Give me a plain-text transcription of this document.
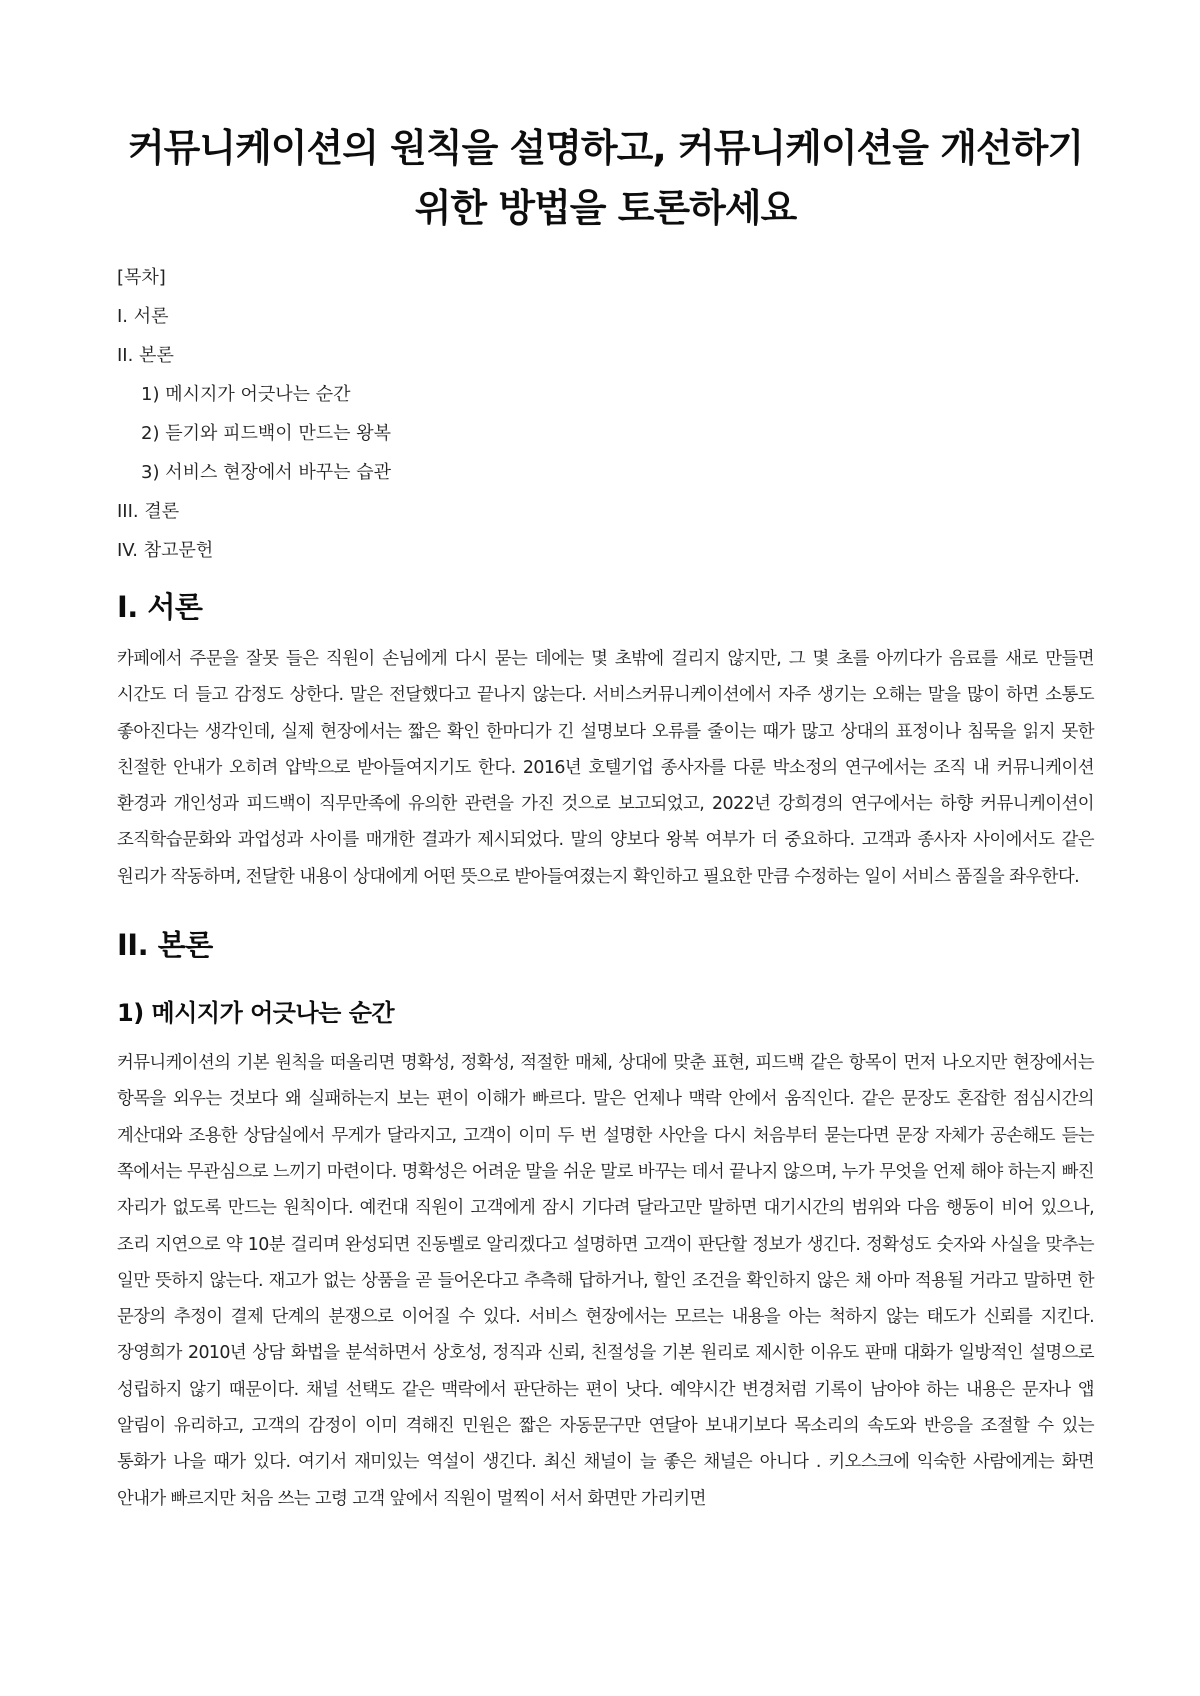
커뮤니케이션의 원칙을 설명하고, 커뮤니케이션을 개선하기 위한 방법을 토론하세요
[목차]
I. 서론
II. 본론
1) 메시지가 어긋나는 순간
2) 듣기와 피드백이 만드는 왕복
3) 서비스 현장에서 바꾸는 습관
III. 결론
IV. 참고문헌
I. 서론

카페에서 주문을 잘못 들은 직원이 손님에게 다시 묻는 데에는 몇 초밖에 걸리지 않지만, 그 몇 초를 아끼다가 음료를 새로 만들면 시간도 더 들고 감정도 상한다. 말은 전달했다고 끝나지 않는다. 서비스커뮤니케이션에서 자주 생기는 오해는 말을 많이 하면 소통도 좋아진다는 생각인데, 실제 현장에서는 짧은 확인 한마디가 긴 설명보다 오류를 줄이는 때가 많고 상대의 표정이나 침묵을 읽지 못한 친절한 안내가 오히려 압박으로 받아들여지기도 한다. 2016년 호텔기업 종사자를 다룬 박소정의 연구에서는 조직 내 커뮤니케이션 환경과 개인성과 피드백이 직무만족에 유의한 관련을 가진 것으로 보고되었고, 2022년 강희경의 연구에서는 하향 커뮤니케이션이 조직학습문화와 과업성과 사이를 매개한 결과가 제시되었다. 말의 양보다 왕복 여부가 더 중요하다. 고객과 종사자 사이에서도 같은 원리가 작동하며, 전달한 내용이 상대에게 어떤 뜻으로 받아들여졌는지 확인하고 필요한 만큼 수정하는 일이 서비스 품질을 좌우한다.

II. 본론
1) 메시지가 어긋나는 순간

커뮤니케이션의 기본 원칙을 떠올리면 명확성, 정확성, 적절한 매체, 상대에 맞춘 표현, 피드백 같은 항목이 먼저 나오지만 현장에서는 항목을 외우는 것보다 왜 실패하는지 보는 편이 이해가 빠르다. 말은 언제나 맥락 안에서 움직인다. 같은 문장도 혼잡한 점심시간의 계산대와 조용한 상담실에서 무게가 달라지고, 고객이 이미 두 번 설명한 사안을 다시 처음부터 묻는다면 문장 자체가 공손해도 듣는 쪽에서는 무관심으로 느끼기 마련이다. 명확성은 어려운 말을 쉬운 말로 바꾸는 데서 끝나지 않으며, 누가 무엇을 언제 해야 하는지 빠진 자리가 없도록 만드는 원칙이다. 예컨대 직원이 고객에게 잠시 기다려 달라고만 말하면 대기시간의 범위와 다음 행동이 비어 있으나, 조리 지연으로 약 10분 걸리며 완성되면 진동벨로 알리겠다고 설명하면 고객이 판단할 정보가 생긴다. 정확성도 숫자와 사실을 맞추는 일만 뜻하지 않는다. 재고가 없는 상품을 곧 들어온다고 추측해 답하거나, 할인 조건을 확인하지 않은 채 아마 적용될 거라고 말하면 한 문장의 추정이 결제 단계의 분쟁으로 이어질 수 있다. 서비스 현장에서는 모르는 내용을 아는 척하지 않는 태도가 신뢰를 지킨다. 장영희가 2010년 상담 화법을 분석하면서 상호성, 정직과 신뢰, 친절성을 기본 원리로 제시한 이유도 판매 대화가 일방적인 설명으로 성립하지 않기 때문이다. 채널 선택도 같은 맥락에서 판단하는 편이 낫다. 예약시간 변경처럼 기록이 남아야 하는 내용은 문자나 앱 알림이 유리하고, 고객의 감정이 이미 격해진 민원은 짧은 자동문구만 연달아 보내기보다 목소리의 속도와 반응을 조절할 수 있는 통화가 나을 때가 있다. 여기서 재미있는 역설이 생긴다. 최신 채널이 늘 좋은 채널은 아니다 . 키오스크에 익숙한 사람에게는 화면 안내가 빠르지만 처음 쓰는 고령 고객 앞에서 직원이 멀찍이 서서 화면만 가리키면
